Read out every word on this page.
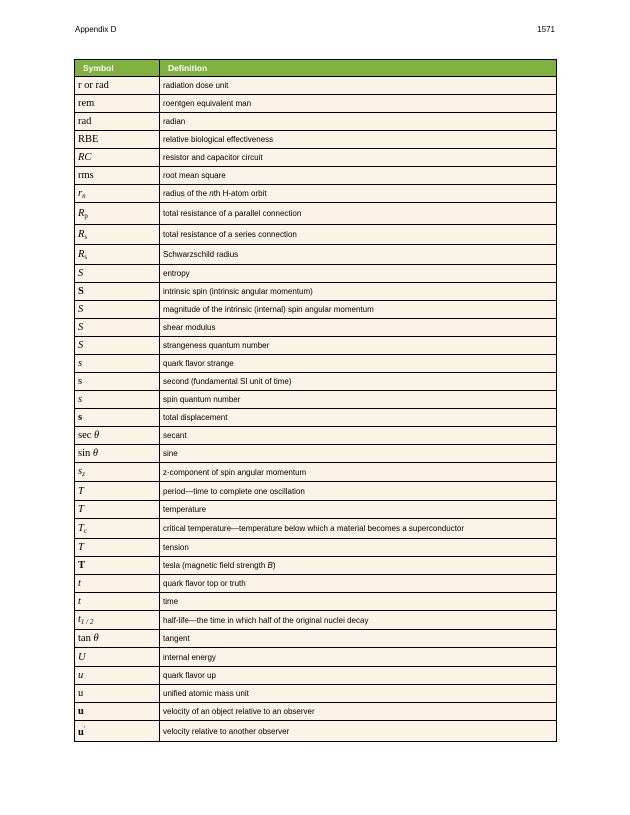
Appendix D	1571
Symbol	Definition
r or rad	radiation dose unit
rem	roentgen equivalent man
rad	radian
RBE	relative biological effectiveness
RC	resistor and capacitor circuit
rms	root mean square
$r_n$	radius of the nth H-atom orbit
$R_p$	total resistance of a parallel connection
$R_s$	total resistance of a series connection
$R_s$	Schwarzschild radius
S	entropy
S	intrinsic spin (intrinsic angular momentum)
S	magnitude of the intrinsic (internal) spin angular momentum
S	shear modulus
S	strangeness quantum number
s	quark flavor strange
s	second (fundamental SI unit of time)
s	spin quantum number
s	total displacement
sec θ	secant
sin θ	sine
$s_z$	z-component of spin angular momentum
T	period—time to complete one oscillation
T	temperature
$T_c$	critical temperature—temperature below which a material becomes a superconductor
T	tension
T	tesla (magnetic field strength B)
t	quark flavor top or truth
t	time
$t_{1 / 2}$	half-life—the time in which half of the original nuclei decay
tan θ	tangent
U	internal energy
u	quark flavor up
u	unified atomic mass unit
u	velocity of an object relative to an observer
u′	velocity relative to another observer
